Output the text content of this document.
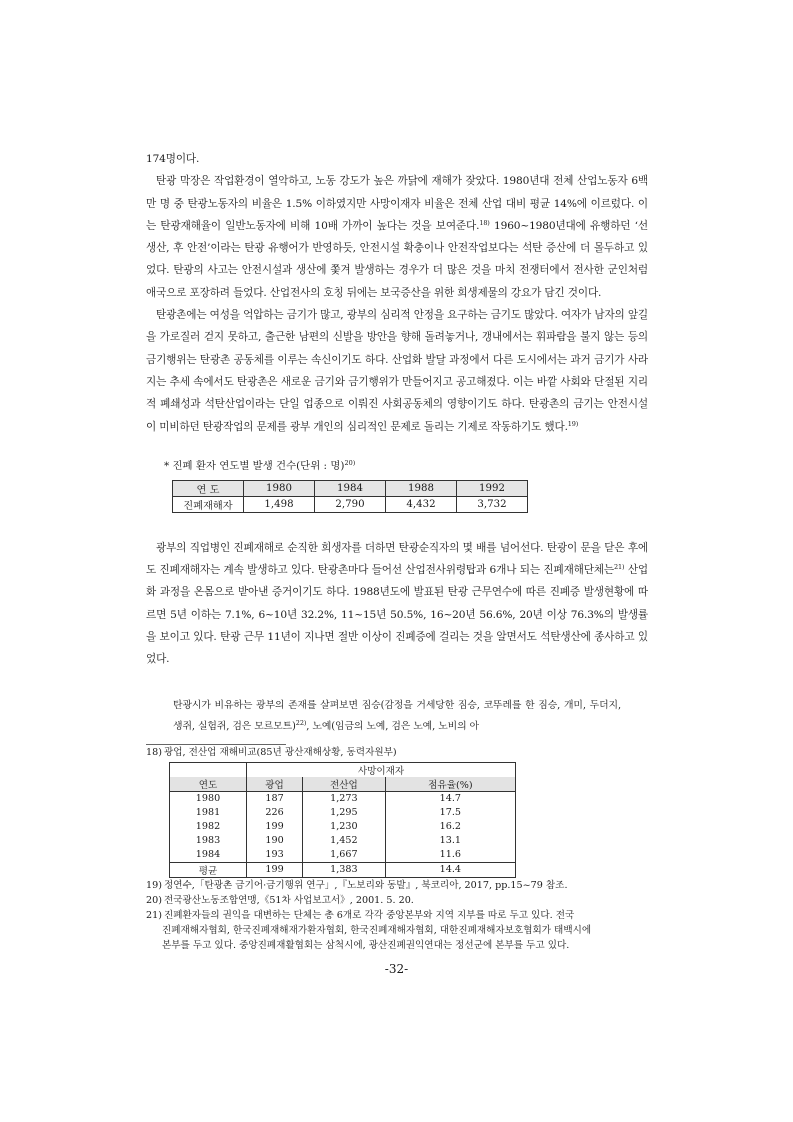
174명이다.

탄광 막장은 작업환경이 열악하고, 노동 강도가 높은 까닭에 재해가 잦았다. 1980년대 전체 산업노동자 6백만 명 중 탄광노동자의 비율은 1.5% 이하였지만 사망이재자 비율은 전체 산업 대비 평균 14%에 이르렀다. 이는 탄광재해율이 일반노동자에 비해 10배 가까이 높다는 것을 보여준다.$^{18)}$ 1960~1980년대에 유행하던 ‘선 생산, 후 안전’이라는 탄광 유행어가 반영하듯, 안전시설 확충이나 안전작업보다는 석탄 증산에 더 몰두하고 있었다. 탄광의 사고는 안전시설과 생산에 쫓겨 발생하는 경우가 더 많은 것을 마치 전쟁터에서 전사한 군인처럼 애국으로 포장하려 들었다. 산업전사의 호칭 뒤에는 보국증산을 위한 희생제물의 강요가 담긴 것이다.

탄광촌에는 여성을 억압하는 금기가 많고, 광부의 심리적 안정을 요구하는 금기도 많았다. 여자가 남자의 앞길을 가로질러 걷지 못하고, 출근한 남편의 신발을 방안을 향해 돌려놓거나, 갱내에서는 휘파람을 불지 않는 등의 금기행위는 탄광촌 공동체를 이루는 속신이기도 하다. 산업화 발달 과정에서 다른 도시에서는 과거 금기가 사라지는 추세 속에서도 탄광촌은 새로운 금기와 금기행위가 만들어지고 공고해졌다. 이는 바깥 사회와 단절된 지리적 폐쇄성과 석탄산업이라는 단일 업종으로 이뤄진 사회공동체의 영향이기도 하다. 탄광촌의 금기는 안전시설이 미비하던 탄광작업의 문제를 광부 개인의 심리적인 문제로 돌리는 기제로 작동하기도 했다.$^{19)}$

* 진폐 환자 연도별 발생 건수(단위 : 명)$^{20)}$
연 도	1980	1984	1988	1992
진폐재해자	1,498	2,790	4,432	3,732

광부의 직업병인 진폐재해로 순직한 희생자를 더하면 탄광순직자의 몇 배를 넘어선다. 탄광이 문을 닫은 후에도 진폐재해자는 계속 발생하고 있다. 탄광촌마다 들어선 산업전사위령탑과 6개나 되는 진폐재해단체는$^{21)}$ 산업화 과정을 온몸으로 받아낸 증거이기도 하다. 1988년도에 발표된 탄광 근무연수에 따른 진폐증 발생현황에 따르면 5년 이하는 7.1%, 6~10년 32.2%, 11~15년 50.5%, 16~20년 56.6%, 20년 이상 76.3%의 발생률을 보이고 있다. 탄광 근무 11년이 지나면 절반 이상이 진폐증에 걸리는 것을 알면서도 석탄생산에 종사하고 있었다.

탄광시가 비유하는 광부의 존재를 살펴보면 짐승(감정을 거세당한 짐승, 코뚜레를 한 짐승, 개미, 두더지, 생쥐, 실험쥐, 검은 모르모트)$^{22)}$, 노예(임금의 노예, 검은 노예, 노비의 아

18) 광업, 전산업 재해비교(85년 광산재해상황, 동력자원부)

	사망이재자		
연도	광업	전산업	점유율(%)
1980	187	1,273	14.7
1981	226	1,295	17.5
1982	199	1,230	16.2
1983	190	1,452	13.1
1984	193	1,667	11.6
평균	199	1,383	14.4

19) 정연수,「탄광촌 금기어·금기행위 연구」,『노보리와 동발』, 북코리아, 2017, pp.15~79 참조.

20) 전국광산노동조합연맹,《51차 사업보고서》, 2001. 5. 20.

21) 진폐환자들의 권익을 대변하는 단체는 총 6개로 각각 중앙본부와 지역 지부를 따로 두고 있다. 전국
진폐재해자협회, 한국진폐재해재가환자협회, 한국진폐재해자협회, 대한진폐재해자보호협회가 태백시에
본부를 두고 있다. 중앙진폐재활협회는 삼척시에, 광산진폐권익연대는 정선군에 본부를 두고 있다.

-32-
